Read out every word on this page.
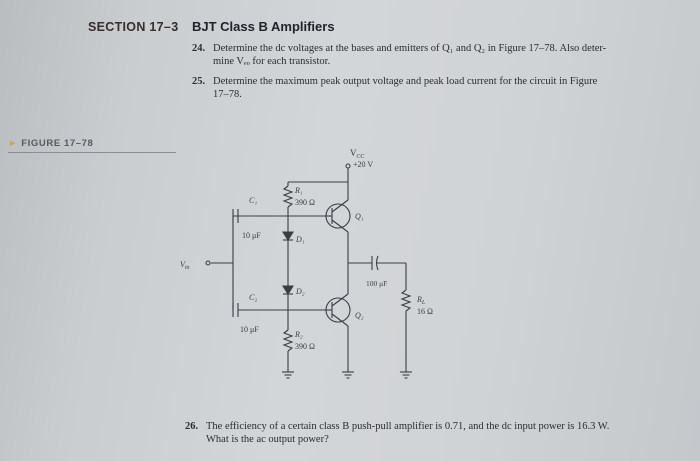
SECTION 17–3 BJT Class B Amplifiers
24. Determine the dc voltages at the bases and emitters of Q₁ and Q₂ in Figure 17–78. Also deter-
mine Vₑₒ for each transistor.
25. Determine the maximum peak output voltage and peak load current for the circuit in Figure
17–78.
► FIGURE 17–78
$V_{CC}$
+20 V
R₁
390 Ω
C₁
10 μF	D₁
Q₁
$V_{in}$
D₂
C₂
10 μF
R₂
390 Ω
Q₂
100 μF
$R_L$
16 Ω
26. The efficiency of a certain class B push-pull amplifier is 0.71, and the dc input power is 16.3 W.
What is the ac output power?
